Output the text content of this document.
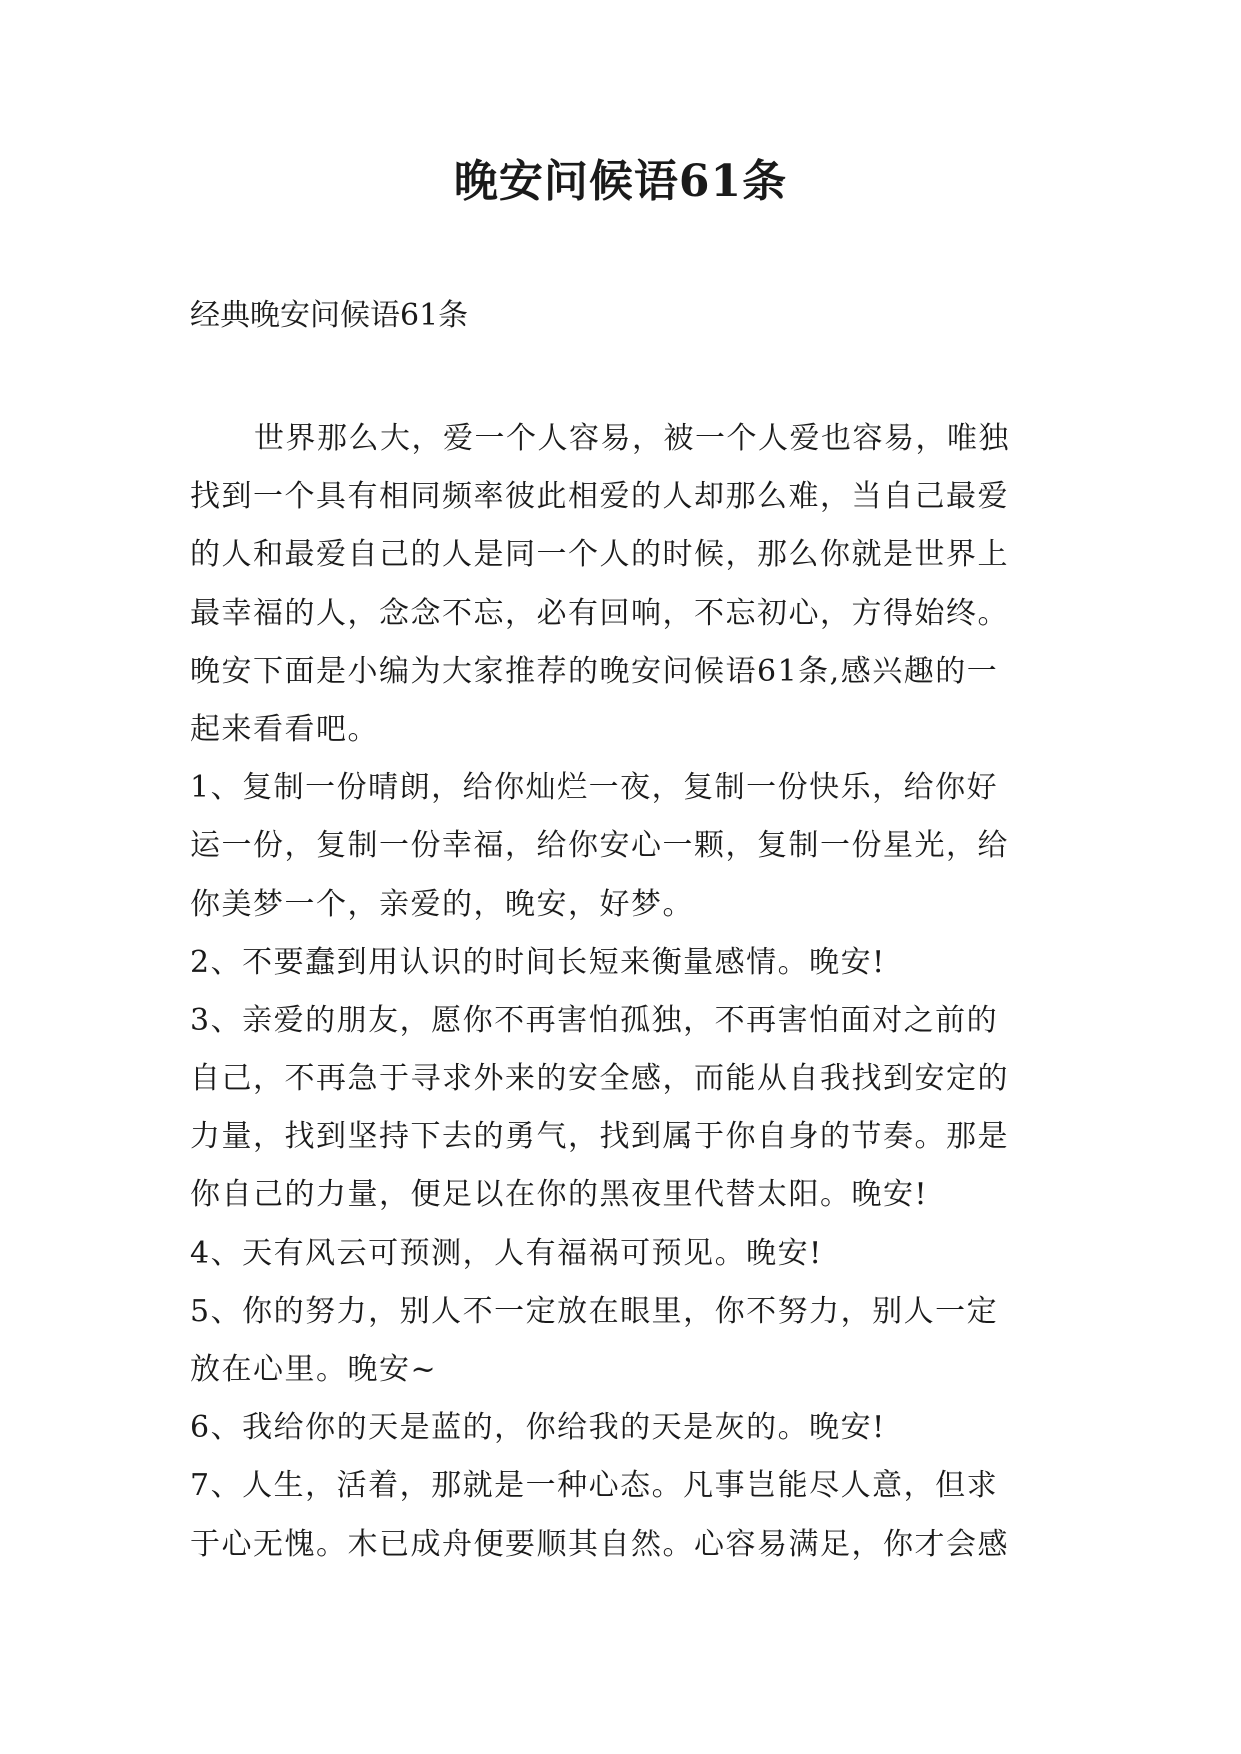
晚安问候语61条
经典晚安问候语61条
世界那么大，爱一个人容易，被一个人爱也容易，唯独
找到一个具有相同频率彼此相爱的人却那么难，当自己最爱
的人和最爱自己的人是同一个人的时候，那么你就是世界上
最幸福的人，念念不忘，必有回响，不忘初心，方得始终。
晚安下面是小编为大家推荐的晚安问候语61条,感兴趣的一
起来看看吧。
1、复制一份晴朗，给你灿烂一夜，复制一份快乐，给你好
运一份，复制一份幸福，给你安心一颗，复制一份星光，给
你美梦一个，亲爱的，晚安，好梦。
2、不要蠢到用认识的时间长短来衡量感情。晚安!
3、亲爱的朋友，愿你不再害怕孤独，不再害怕面对之前的
自己，不再急于寻求外来的安全感，而能从自我找到安定的
力量，找到坚持下去的勇气，找到属于你自身的节奏。那是
你自己的力量，便足以在你的黑夜里代替太阳。晚安!
4、天有风云可预测，人有福祸可预见。晚安!
5、你的努力，别人不一定放在眼里，你不努力，别人一定
放在心里。晚安~
6、我给你的天是蓝的，你给我的天是灰的。晚安!
7、人生，活着，那就是一种心态。凡事岂能尽人意，但求
于心无愧。木已成舟便要顺其自然。心容易满足，你才会感
